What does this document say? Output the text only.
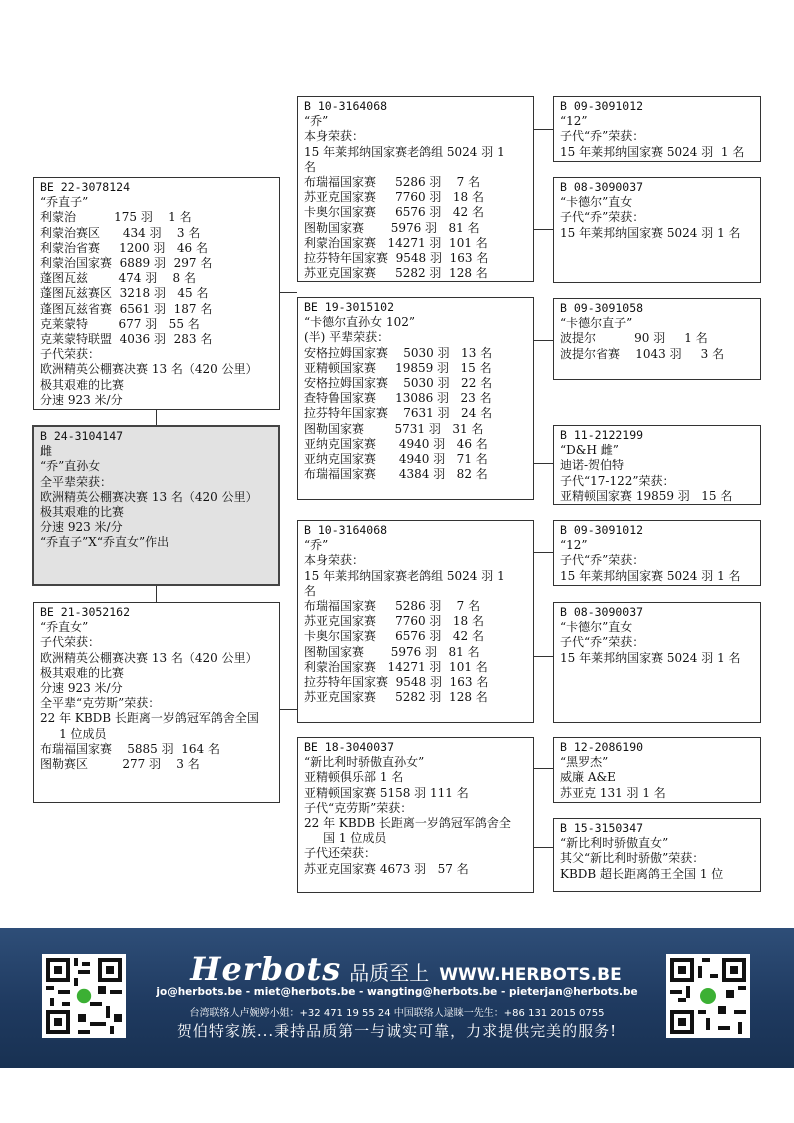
BE 22-3078124
“乔直子”
利蒙治          175 羽    1 名
利蒙治赛区      434 羽    3 名
利蒙治省赛     1200 羽   46 名
利蒙治国家赛  6889 羽  297 名
蓬图瓦兹        474 羽    8 名
蓬图瓦兹赛区  3218 羽   45 名
蓬图瓦兹省赛  6561 羽  187 名
克莱蒙特        677 羽   55 名
克莱蒙特联盟  4036 羽  283 名
子代荣获：
欧洲精英公棚赛决赛 13 名（420 公里）
极其艰难的比赛
分速 923 米/分
B 24-3104147
雌
“乔”直孙女
全平辈荣获：
欧洲精英公棚赛决赛 13 名（420 公里）
极其艰难的比赛
分速 923 米/分
“乔直子”X“乔直女”作出
BE 21-3052162
“乔直女”
子代荣获：
欧洲精英公棚赛决赛 13 名（420 公里）
极其艰难的比赛
分速 923 米/分
全平辈“克劳斯”荣获：
22 年 KBDB 长距离一岁鸽冠军鸽舍全国
1 位成员
布瑞福国家赛    5885 羽  164 名
图勒赛区         277 羽    3 名
B 10-3164068
“乔”
本身荣获：
15 年莱邦纳国家赛老鸽组 5024 羽 1
名
布瑞福国家赛     5286 羽    7 名
苏亚克国家赛     7760 羽   18 名
卡奥尔国家赛     6576 羽   42 名
图勒国家赛       5976 羽   81 名
利蒙治国家赛   14271 羽  101 名
拉芬特年国家赛  9548 羽  163 名
苏亚克国家赛     5282 羽  128 名
BE 19-3015102
“卡德尔直孙女 102”
(半) 平辈荣获：
安格拉姆国家赛    5030 羽   13 名
亚精顿国家赛     19859 羽   15 名
安格拉姆国家赛    5030 羽   22 名
查特鲁国家赛     13086 羽   23 名
拉芬特年国家赛    7631 羽   24 名
图勒国家赛        5731 羽   31 名
亚纳克国家赛      4940 羽   46 名
亚纳克国家赛      4940 羽   71 名
布瑞福国家赛      4384 羽   82 名
B 10-3164068
“乔”
本身荣获：
15 年莱邦纳国家赛老鸽组 5024 羽 1
名
布瑞福国家赛     5286 羽    7 名
苏亚克国家赛     7760 羽   18 名
卡奥尔国家赛     6576 羽   42 名
图勒国家赛       5976 羽   81 名
利蒙治国家赛   14271 羽  101 名
拉芬特年国家赛  9548 羽  163 名
苏亚克国家赛     5282 羽  128 名
BE 18-3040037
“新比利时骄傲直孙女”
亚精顿俱乐部 1 名
亚精顿国家赛 5158 羽 111 名
子代“克劳斯”荣获：
22 年 KBDB 长距离一岁鸽冠军鸽舍全
国 1 位成员
子代还荣获：
苏亚克国家赛 4673 羽   57 名
B 09-3091012
“12”
子代“乔”荣获：
15 年莱邦纳国家赛 5024 羽  1 名
B 08-3090037
“卡德尔”直女
子代“乔”荣获：
15 年莱邦纳国家赛 5024 羽 1 名
B 09-3091058
“卡德尔直子”
波提尔          90 羽     1 名
波提尔省赛    1043 羽     3 名
B 11-2122199
“D&H 雌”
迪诺-贺伯特
子代“17-122”荣获：
亚精顿国家赛 19859 羽   15 名
B 09-3091012
“12”
子代“乔”荣获：
15 年莱邦纳国家赛 5024 羽 1 名
B 08-3090037
“卡德尔”直女
子代“乔”荣获：
15 年莱邦纳国家赛 5024 羽 1 名
B 12-2086190
“黑罗杰”
威廉 A&E
苏亚克 131 羽 1 名
B 15-3150347
“新比利时骄傲直女”
其父“新比利时骄傲”荣获：
KBDB 超长距离鸽王全国 1 位
Herbots 品质至上 WWW.HERBOTS.BE
jo@herbots.be - miet@herbots.be - wangting@herbots.be - pieterjan@herbots.be
台湾联络人卢婉婷小姐：+32 471 19 55 24 中国联络人逯睐一先生：+86 131 2015 0755
贺伯特家族...秉持品质第一与诚实可靠，力求提供完美的服务!
